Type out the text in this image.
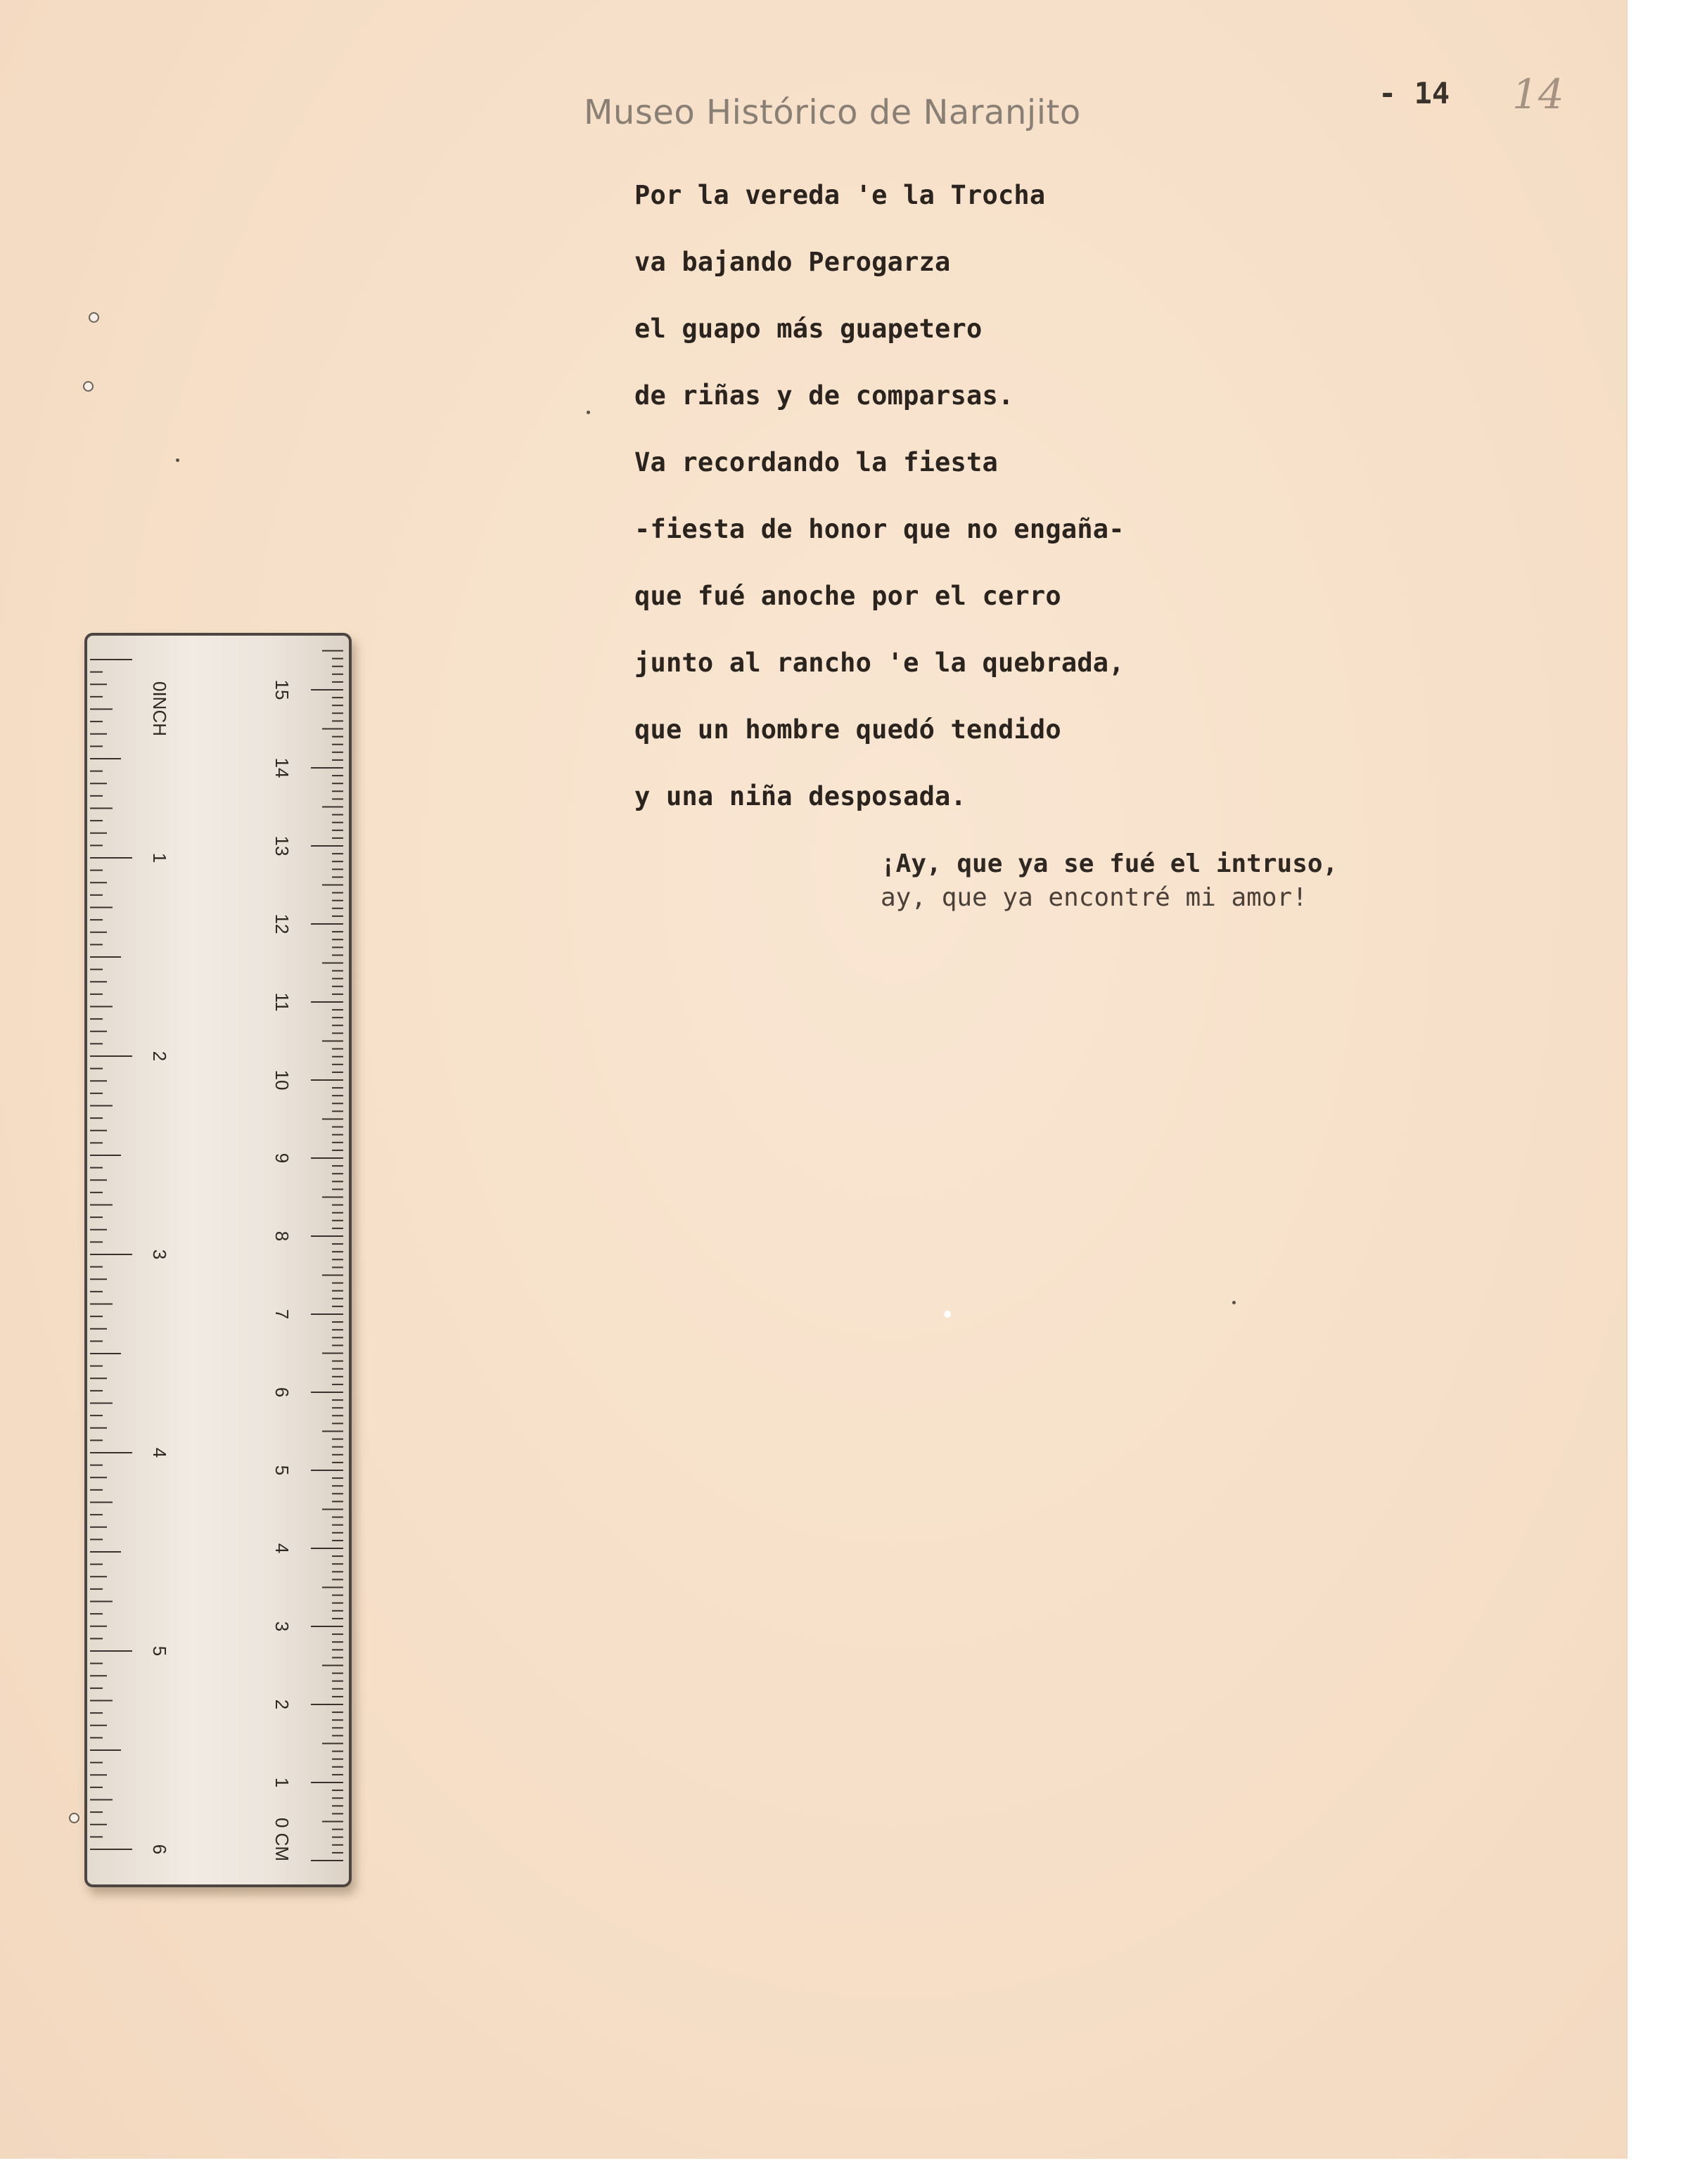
Museo Histórico de Naranjito	- 14 14
Por la vereda 'e la Trocha
va bajando Perogarza
el guapo más guapetero
de riñas y de comparsas.
Va recordando la fiesta
-fiesta de honor que no engaña-
que fué anoche por el cerro
junto al rancho 'e la quebrada,
que un hombre quedó tendido
y una niña desposada.
¡Ay, que ya se fué el intruso,
ay, que ya encontré mi amor!
0INCH
1
2
3
4
5
6	0 CM
1
2
3
4
5
6
7
8
9
10
11
12
13
14
15
